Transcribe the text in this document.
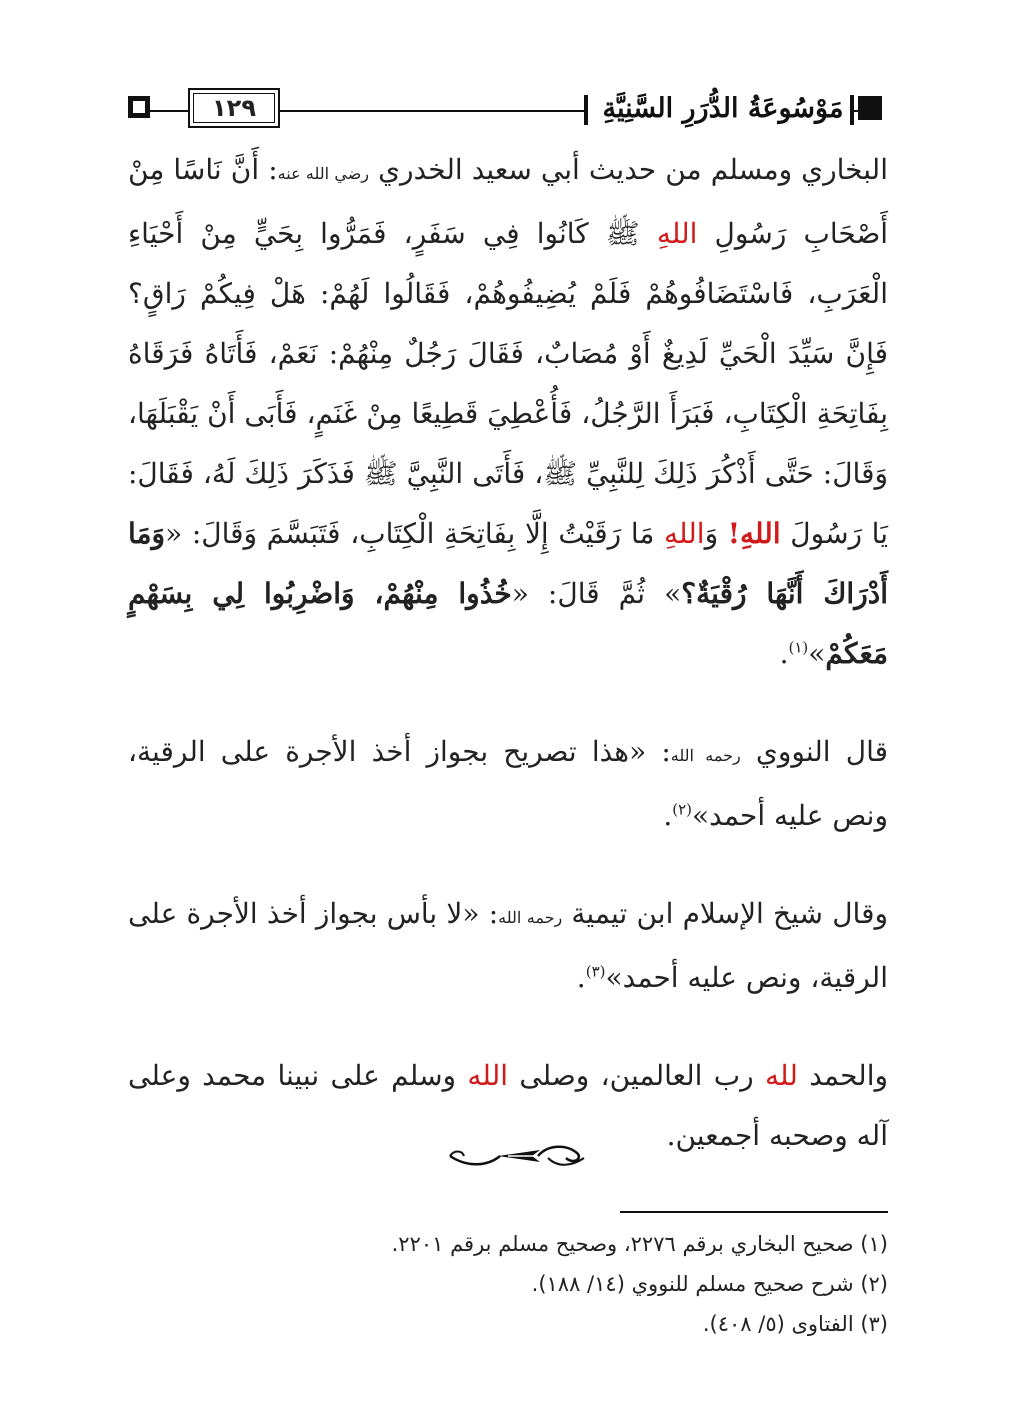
١٢٩	مَوْسُوعَةُ الدُّرَرِ السَّنِيَّةِ

البخاري ومسلم من حديث أبي سعيد الخدري رضي الله عنه: أَنَّ نَاسًا مِنْ أَصْحَابِ رَسُولِ اللهِ ﷺ كَانُوا فِي سَفَرٍ، فَمَرُّوا بِحَيٍّ مِنْ أَحْيَاءِ الْعَرَبِ، فَاسْتَضَافُوهُمْ فَلَمْ يُضِيفُوهُمْ، فَقَالُوا لَهُمْ: هَلْ فِيكُمْ رَاقٍ؟ فَإِنَّ سَيِّدَ الْحَيِّ لَدِيغٌ أَوْ مُصَابٌ، فَقَالَ رَجُلٌ مِنْهُمْ: نَعَمْ، فَأَتَاهُ فَرَقَاهُ بِفَاتِحَةِ الْكِتَابِ، فَبَرَأَ الرَّجُلُ، فَأُعْطِيَ قَطِيعًا مِنْ غَنَمٍ، فَأَبَى أَنْ يَقْبَلَهَا، وَقَالَ: حَتَّى أَذْكُرَ ذَلِكَ لِلنَّبِيِّ ﷺ، فَأَتَى النَّبِيَّ ﷺ فَذَكَرَ ذَلِكَ لَهُ، فَقَالَ: يَا رَسُولَ اللهِ! وَاللهِ مَا رَقَيْتُ إِلَّا بِفَاتِحَةِ الْكِتَابِ، فَتَبَسَّمَ وَقَالَ: «وَمَا أَدْرَاكَ أَنَّهَا رُقْيَةٌ؟» ثُمَّ قَالَ: «خُذُوا مِنْهُمْ، وَاضْرِبُوا لِي بِسَهْمٍ مَعَكُمْ»$^{(١)}$.

قال النووي رحمه الله: «هذا تصريح بجواز أخذ الأجرة على الرقية، ونص عليه أحمد»$^{(٢)}$.

وقال شيخ الإسلام ابن تيمية رحمه الله: «لا بأس بجواز أخذ الأجرة على الرقية، ونص عليه أحمد»$^{(٣)}$.

والحمد لله رب العالمين، وصلى الله وسلم على نبينا محمد وعلى آله وصحبه أجمعين.

(١) صحيح البخاري برقم ٢٢٧٦، وصحيح مسلم برقم ٢٢٠١.
(٢) شرح صحيح مسلم للنووي (١٤/ ١٨٨).
(٣) الفتاوى (٥/ ٤٠٨).
